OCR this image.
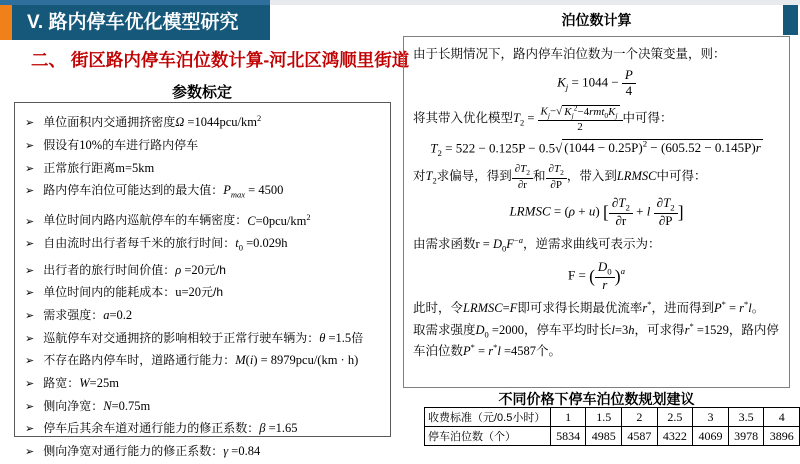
V. 路内停车优化模型研究
二、 街区路内停车泊位数计算-河北区鸿顺里街道
参数标定
➢ 单位面积内交通拥挤密度$\Omega =1044pcu/km^2$
➢ 假设有10%的车进行路内停车
➢ 正常旅行距离m=5km
➢ 路内停车泊位可能达到的最大值：$P_{max} = 4500$
➢ 单位时间内路内巡航停车的车辆密度：$C=0pcu/km^2$
➢ 自由流时出行者每千米的旅行时间：$t_0 =0.029h$
➢ 出行者的旅行时间价值：ρ =20元/h
➢ 单位时间内的能耗成本：u=20元/h
➢ 需求强度：a=0.2
➢ 巡航停车对交通拥挤的影响相较于正常行驶车辆为：θ =1.5倍
➢ 不存在路内停车时，道路通行能力：M(i) = 8979pcu/(km · h)
➢ 路宽：W=25m
➢ 侧向净宽：N=0.75m
➢ 停车后其余车道对通行能力的修正系数：β =1.65
➢ 侧向净宽对通行能力的修正系数：γ =0.84
泊位数计算
由于长期情况下，路内停车泊位数为一个决策变量，则：
$K_j = 1044 - \frac{P}{4}$
将其带入优化模型$T_2 = \frac{K_j-√ K_j^2-4rmt_0K_j}{2}$ 中可得：
$T_2 = 522 - 0.125P - 0.5√$ $(1044 - 0.25P)^2 - (605.52 - 0.145P)r$
对$T_2$求偏导，得到 $\frac{\partial T_2}{\partial r}$ 和 $\frac{\partial T_2}{\partial P}$ ，带入到LRMSC中可得：
LRMSC = (ρ + u) [ $\frac{\partial T_2}{\partial r} + l \frac{\partial T_2}{\partial P}$ ]
由需求函数$r = D_0F^{-a}$，逆需求曲线可表示为：
F = ( $\frac{D_0}{r} )^a$
此时，令LRMSC=F即可求得长期最优流率r*，进而得到P* = r*l。
取需求强度$D_0 =2000$，停车平均时长l=3h，可求得r* =1529，路内停车泊位数P* = r*l =4587个。
不同价格下停车泊位数规划建议
收费标准（元/0.5小时）	1	1.5	2	2.5	3	3.5	4
停车泊位数（个）	5834	4985	4587	4322	4069	3978	3896
